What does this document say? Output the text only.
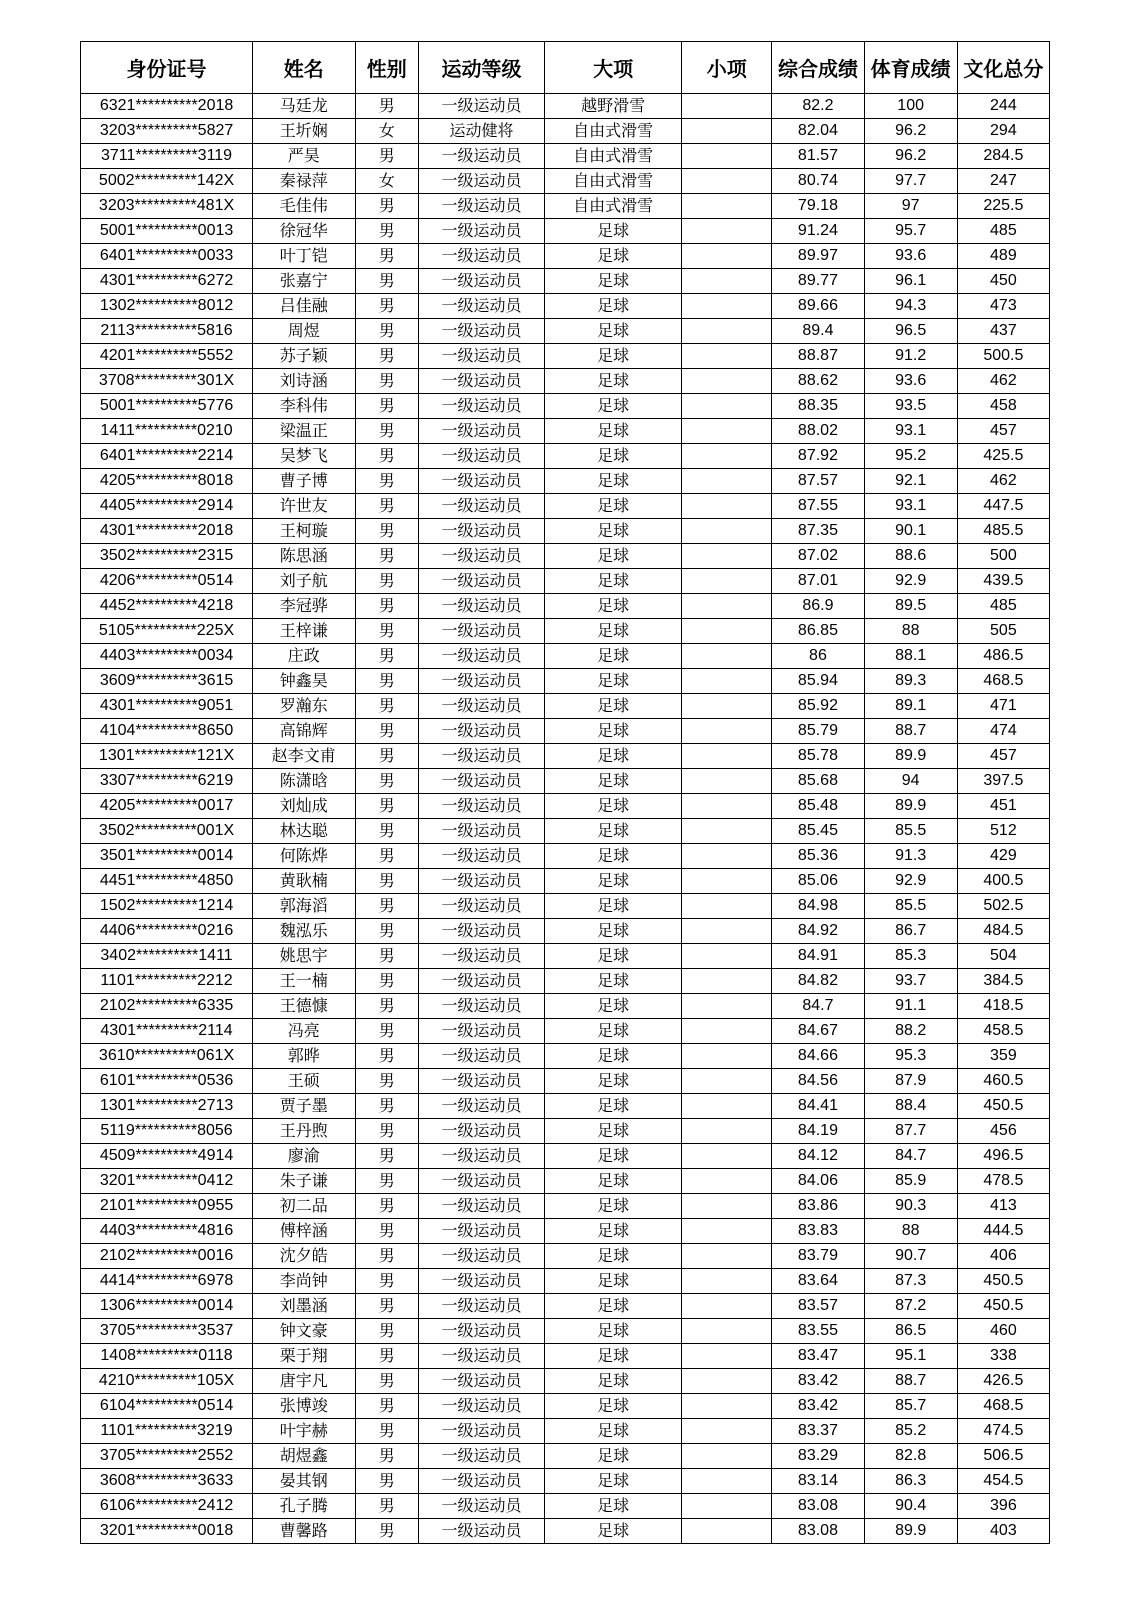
身份证号	姓名	性别	运动等级	大项	小项	综合成绩	体育成绩	文化总分
6321**********2018	马廷龙	男	一级运动员	越野滑雪		82.2	100	244
3203**********5827	王圻娴	女	运动健将	自由式滑雪		82.04	96.2	294
3711**********3119	严昊	男	一级运动员	自由式滑雪		81.57	96.2	284.5
5002**********142X	秦禄萍	女	一级运动员	自由式滑雪		80.74	97.7	247
3203**********481X	毛佳伟	男	一级运动员	自由式滑雪		79.18	97	225.5
5001**********0013	徐冠华	男	一级运动员	足球		91.24	95.7	485
6401**********0033	叶丁铠	男	一级运动员	足球		89.97	93.6	489
4301**********6272	张嘉宁	男	一级运动员	足球		89.77	96.1	450
1302**********8012	吕佳融	男	一级运动员	足球		89.66	94.3	473
2113**********5816	周煜	男	一级运动员	足球		89.4	96.5	437
4201**********5552	苏子颖	男	一级运动员	足球		88.87	91.2	500.5
3708**********301X	刘诗涵	男	一级运动员	足球		88.62	93.6	462
5001**********5776	李科伟	男	一级运动员	足球		88.35	93.5	458
1411**********0210	梁温正	男	一级运动员	足球		88.02	93.1	457
6401**********2214	吴梦飞	男	一级运动员	足球		87.92	95.2	425.5
4205**********8018	曹子博	男	一级运动员	足球		87.57	92.1	462
4405**********2914	许世友	男	一级运动员	足球		87.55	93.1	447.5
4301**********2018	王柯璇	男	一级运动员	足球		87.35	90.1	485.5
3502**********2315	陈思涵	男	一级运动员	足球		87.02	88.6	500
4206**********0514	刘子航	男	一级运动员	足球		87.01	92.9	439.5
4452**********4218	李冠骅	男	一级运动员	足球		86.9	89.5	485
5105**********225X	王梓谦	男	一级运动员	足球		86.85	88	505
4403**********0034	庄政	男	一级运动员	足球		86	88.1	486.5
3609**********3615	钟鑫昊	男	一级运动员	足球		85.94	89.3	468.5
4301**********9051	罗瀚东	男	一级运动员	足球		85.92	89.1	471
4104**********8650	高锦辉	男	一级运动员	足球		85.79	88.7	474
1301**********121X	赵李文甫	男	一级运动员	足球		85.78	89.9	457
3307**********6219	陈潇晗	男	一级运动员	足球		85.68	94	397.5
4205**********0017	刘灿成	男	一级运动员	足球		85.48	89.9	451
3502**********001X	林达聪	男	一级运动员	足球		85.45	85.5	512
3501**********0014	何陈烨	男	一级运动员	足球		85.36	91.3	429
4451**********4850	黄耿楠	男	一级运动员	足球		85.06	92.9	400.5
1502**********1214	郭海滔	男	一级运动员	足球		84.98	85.5	502.5
4406**********0216	魏泓乐	男	一级运动员	足球		84.92	86.7	484.5
3402**********1411	姚思宇	男	一级运动员	足球		84.91	85.3	504
1101**********2212	王一楠	男	一级运动员	足球		84.82	93.7	384.5
2102**********6335	王德慷	男	一级运动员	足球		84.7	91.1	418.5
4301**********2114	冯亮	男	一级运动员	足球		84.67	88.2	458.5
3610**********061X	郭晔	男	一级运动员	足球		84.66	95.3	359
6101**********0536	王硕	男	一级运动员	足球		84.56	87.9	460.5
1301**********2713	贾子墨	男	一级运动员	足球		84.41	88.4	450.5
5119**********8056	王丹煦	男	一级运动员	足球		84.19	87.7	456
4509**********4914	廖渝	男	一级运动员	足球		84.12	84.7	496.5
3201**********0412	朱子谦	男	一级运动员	足球		84.06	85.9	478.5
2101**********0955	初二品	男	一级运动员	足球		83.86	90.3	413
4403**********4816	傅梓涵	男	一级运动员	足球		83.83	88	444.5
2102**********0016	沈夕皓	男	一级运动员	足球		83.79	90.7	406
4414**********6978	李尚钟	男	一级运动员	足球		83.64	87.3	450.5
1306**********0014	刘墨涵	男	一级运动员	足球		83.57	87.2	450.5
3705**********3537	钟文豪	男	一级运动员	足球		83.55	86.5	460
1408**********0118	栗于翔	男	一级运动员	足球		83.47	95.1	338
4210**********105X	唐宇凡	男	一级运动员	足球		83.42	88.7	426.5
6104**********0514	张博竣	男	一级运动员	足球		83.42	85.7	468.5
1101**********3219	叶宇赫	男	一级运动员	足球		83.37	85.2	474.5
3705**********2552	胡煜鑫	男	一级运动员	足球		83.29	82.8	506.5
3608**********3633	晏其钢	男	一级运动员	足球		83.14	86.3	454.5
6106**********2412	孔子腾	男	一级运动员	足球		83.08	90.4	396
3201**********0018	曹馨路	男	一级运动员	足球		83.08	89.9	403
